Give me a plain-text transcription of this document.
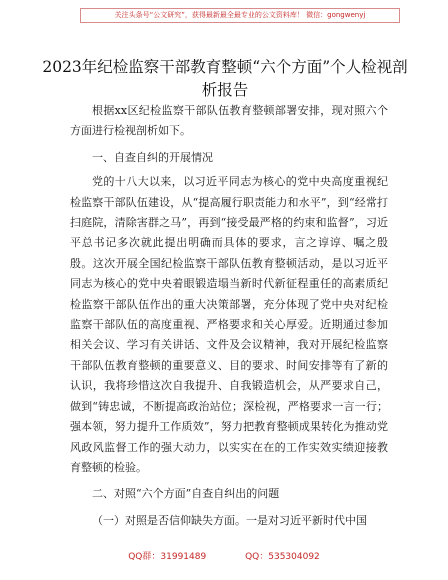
关注头条号“公文研究”，获得最新最全最专业的公文资料库！ 微信：gongwenyj
2023年纪检监察干部教育整顿“六个方面”个人检视剖析报告

根据xx区纪检监察干部队伍教育整顿部署安排，现对照六个方面进行检视剖析如下。

一、自查自纠的开展情况

党的十八大以来，以习近平同志为核心的党中央高度重视纪检监察干部队伍建设，从“提高履行职责能力和水平”，到“经常打扫庭院，清除害群之马”，再到“接受最严格的约束和监督”，习近平总书记多次就此提出明确而具体的要求，言之谆谆、嘱之殷殷。这次开展全国纪检监察干部队伍教育整顿活动，是以习近平同志为核心的党中央着眼锻造塌当新时代新征程重任的高素质纪检监察干部队伍作出的重大决策部署，充分体现了党中央对纪检监察干部队伍的高度重视、严格要求和关心厚爱。近期通过参加相关会议、学习有关讲话、文件及会议精神，我对开展纪检监察干部队伍教育整顿的重要意义、目的要求、时间安排等有了新的认识，我将珍惜这次自我提升、自我锻造机会，从严要求自己，做到“铸忠诚，不断提高政治站位；深检视，严格要求一言一行；强本领，努力提升工作质效”，努力把教育整顿成果转化为推动党风政风监督工作的强大动力，以实实在在的工作实效实绩迎接教育整顿的检验。

二、对照“六个方面”自查自纠出的问题

（一）对照是否信仰缺失方面。一是对习近平新时代中国

QQ群：31991489	QQ：535304092
